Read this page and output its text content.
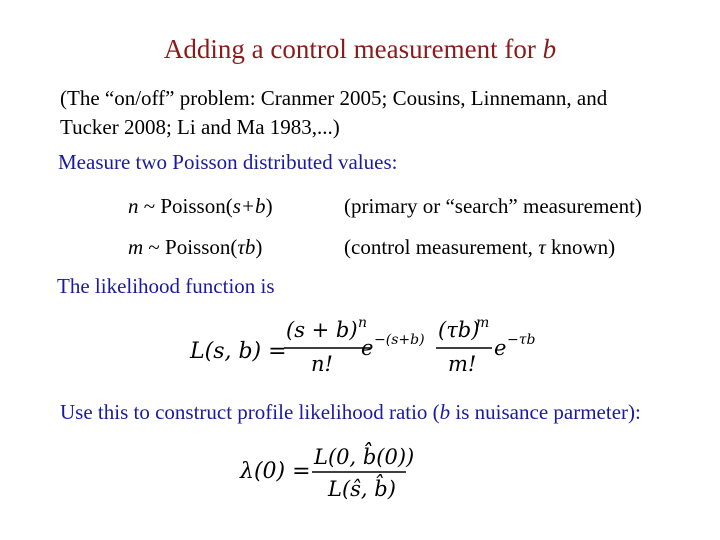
Adding a control measurement for b
(The “on/off” problem: Cranmer 2005; Cousins, Linnemann, and Tucker 2008; Li and Ma 1983,...)
Measure two Poisson distributed values:
n ~ Poisson(s+b)	(primary or “search” measurement)
m ~ Poisson(τb)	(control measurement, τ known)
The likelihood function is
L(s, b) =
(s + b) n
n!
e −(s+b) (τb)
m
m!
e −τb
Use this to construct profile likelihood ratio (b is nuisance parmeter):
λ(0) =
L(0, b̂̂(0))
L(ŝ, b̂)
